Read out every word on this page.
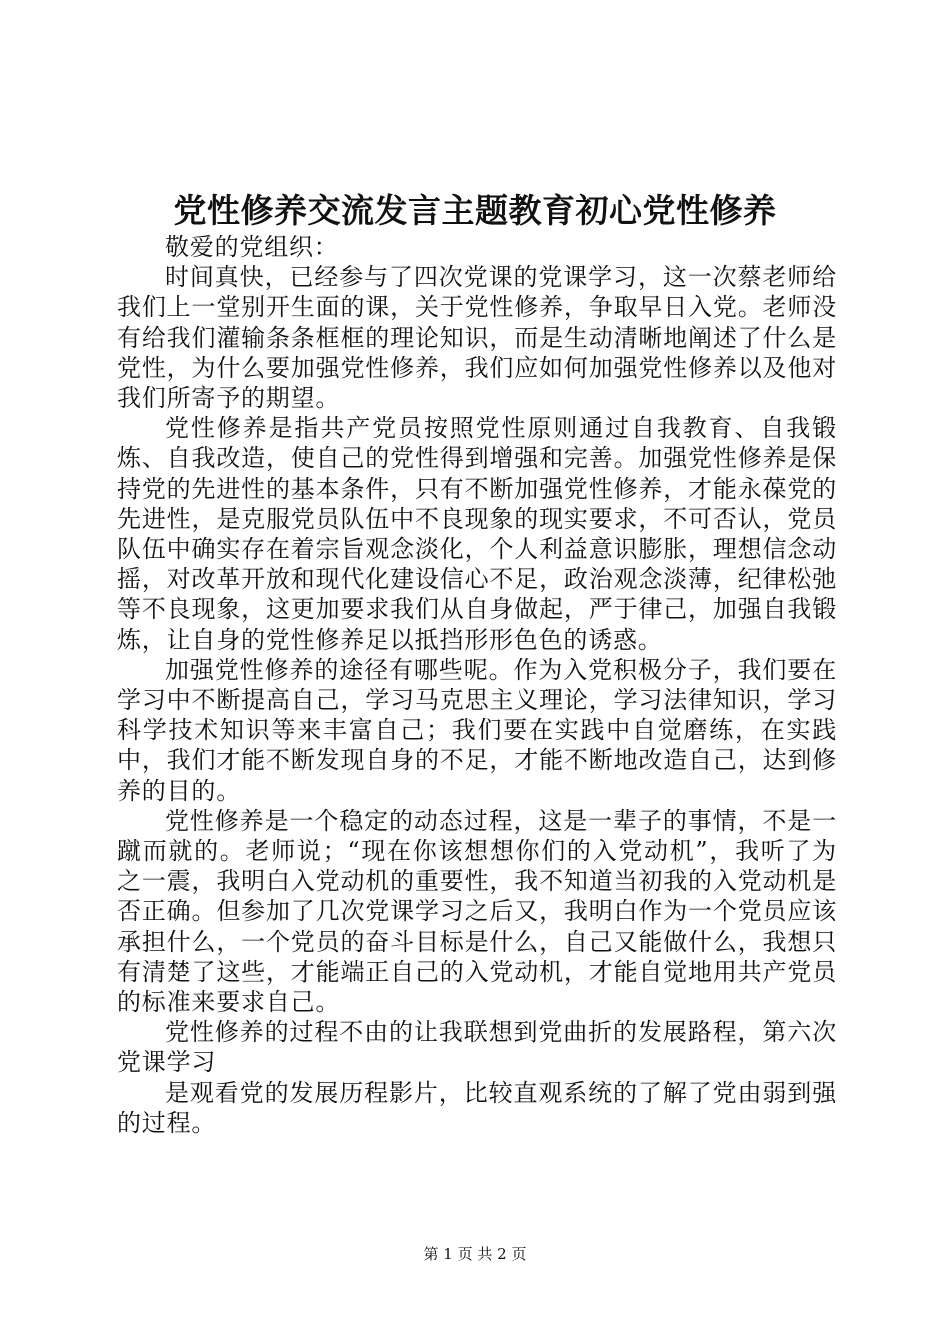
党性修养交流发言主题教育初心党性修养
敬爱的党组织：

时间真快，已经参与了四次党课的党课学习，这一次蔡老师给我们上一堂别开生面的课，关于党性修养，争取早日入党。老师没有给我们灌输条条框框的理论知识，而是生动清晰地阐述了什么是党性，为什么要加强党性修养，我们应如何加强党性修养以及他对我们所寄予的期望。

党性修养是指共产党员按照党性原则通过自我教育、自我锻炼、自我改造，使自己的党性得到增强和完善。加强党性修养是保持党的先进性的基本条件，只有不断加强党性修养，才能永葆党的先进性，是克服党员队伍中不良现象的现实要求，不可否认，党员队伍中确实存在着宗旨观念淡化，个人利益意识膨胀，理想信念动摇，对改革开放和现代化建设信心不足，政治观念淡薄，纪律松弛等不良现象，这更加要求我们从自身做起，严于律己，加强自我锻炼，让自身的党性修养足以抵挡形形色色的诱惑。

加强党性修养的途径有哪些呢。作为入党积极分子，我们要在学习中不断提高自己，学习马克思主义理论，学习法律知识，学习科学技术知识等来丰富自己；我们要在实践中自觉磨练，在实践中，我们才能不断发现自身的不足，才能不断地改造自己，达到修养的目的。

党性修养是一个稳定的动态过程，这是一辈子的事情，不是一蹴而就的。老师说；“现在你该想想你们的入党动机”，我听了为之一震，我明白入党动机的重要性，我不知道当初我的入党动机是否正确。但参加了几次党课学习之后又，我明白作为一个党员应该承担什么，一个党员的奋斗目标是什么，自己又能做什么，我想只有清楚了这些，才能端正自己的入党动机，才能自觉地用共产党员的标准来要求自己。

党性修养的过程不由的让我联想到党曲折的发展路程，第六次党课学习

是观看党的发展历程影片，比较直观系统的了解了党由弱到强的过程。

第 1 页 共 2 页
